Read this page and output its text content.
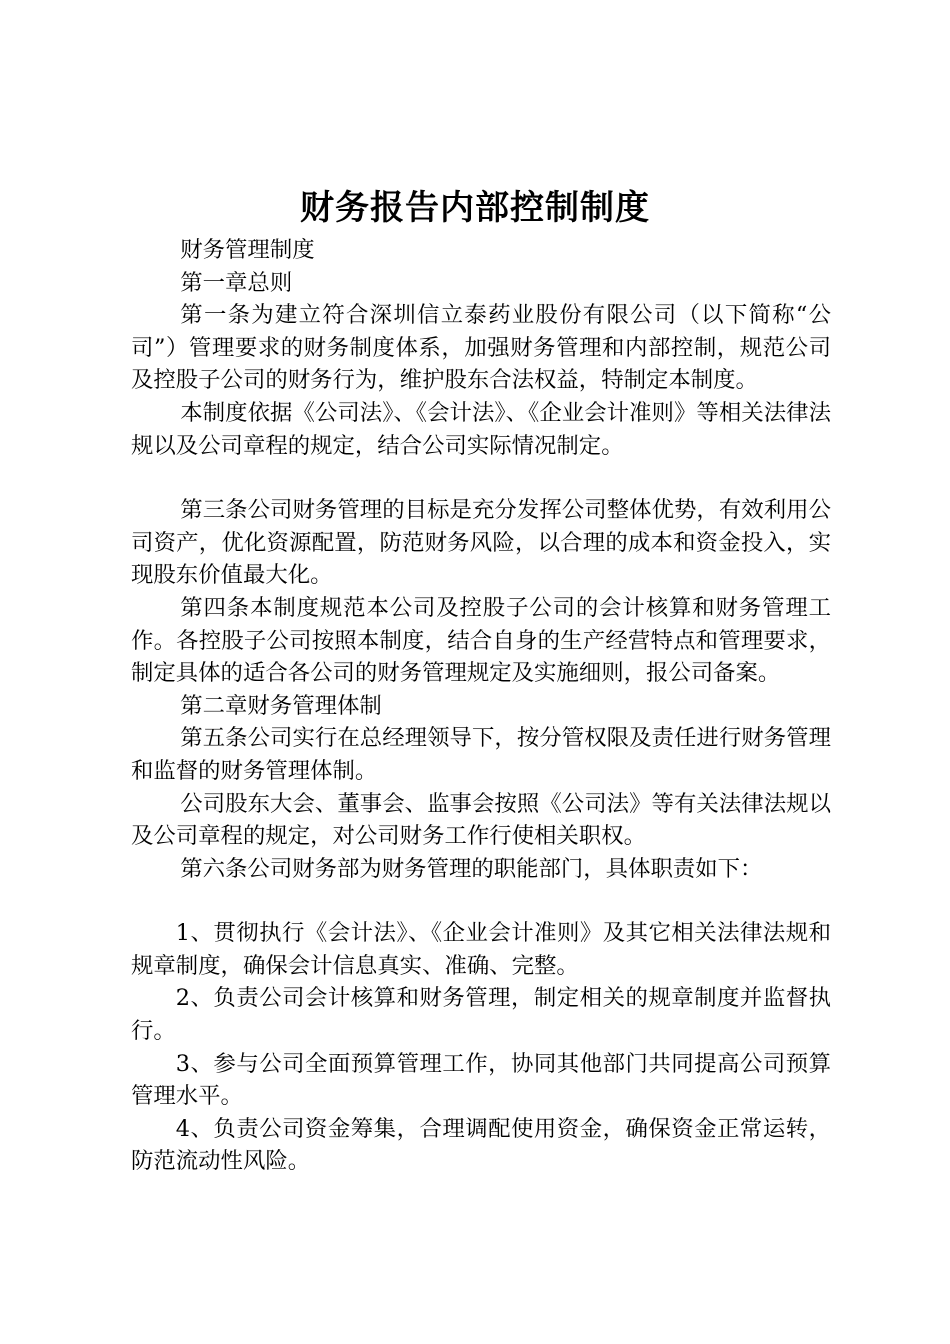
财务报告内部控制制度

财务管理制度

第一章总则

第一条为建立符合深圳信立泰药业股份有限公司（以下简称“公司”）管理要求的财务制度体系，加强财务管理和内部控制，规范公司及控股子公司的财务行为，维护股东合法权益，特制定本制度。

本制度依据《公司法》、《会计法》、《企业会计准则》等相关法律法规以及公司章程的规定，结合公司实际情况制定。

第三条公司财务管理的目标是充分发挥公司整体优势，有效利用公司资产，优化资源配置，防范财务风险，以合理的成本和资金投入，实现股东价值最大化。

第四条本制度规范本公司及控股子公司的会计核算和财务管理工作。各控股子公司按照本制度，结合自身的生产经营特点和管理要求，制定具体的适合各公司的财务管理规定及实施细则，报公司备案。

第二章财务管理体制

第五条公司实行在总经理领导下，按分管权限及责任进行财务管理和监督的财务管理体制。

公司股东大会、董事会、监事会按照《公司法》等有关法律法规以及公司章程的规定，对公司财务工作行使相关职权。

第六条公司财务部为财务管理的职能部门，具体职责如下：

1、贯彻执行《会计法》、《企业会计准则》及其它相关法律法规和规章制度，确保会计信息真实、准确、完整。

2、负责公司会计核算和财务管理，制定相关的规章制度并监督执行。

3、参与公司全面预算管理工作，协同其他部门共同提高公司预算管理水平。

4、负责公司资金筹集，合理调配使用资金，确保资金正常运转，防范流动性风险。
